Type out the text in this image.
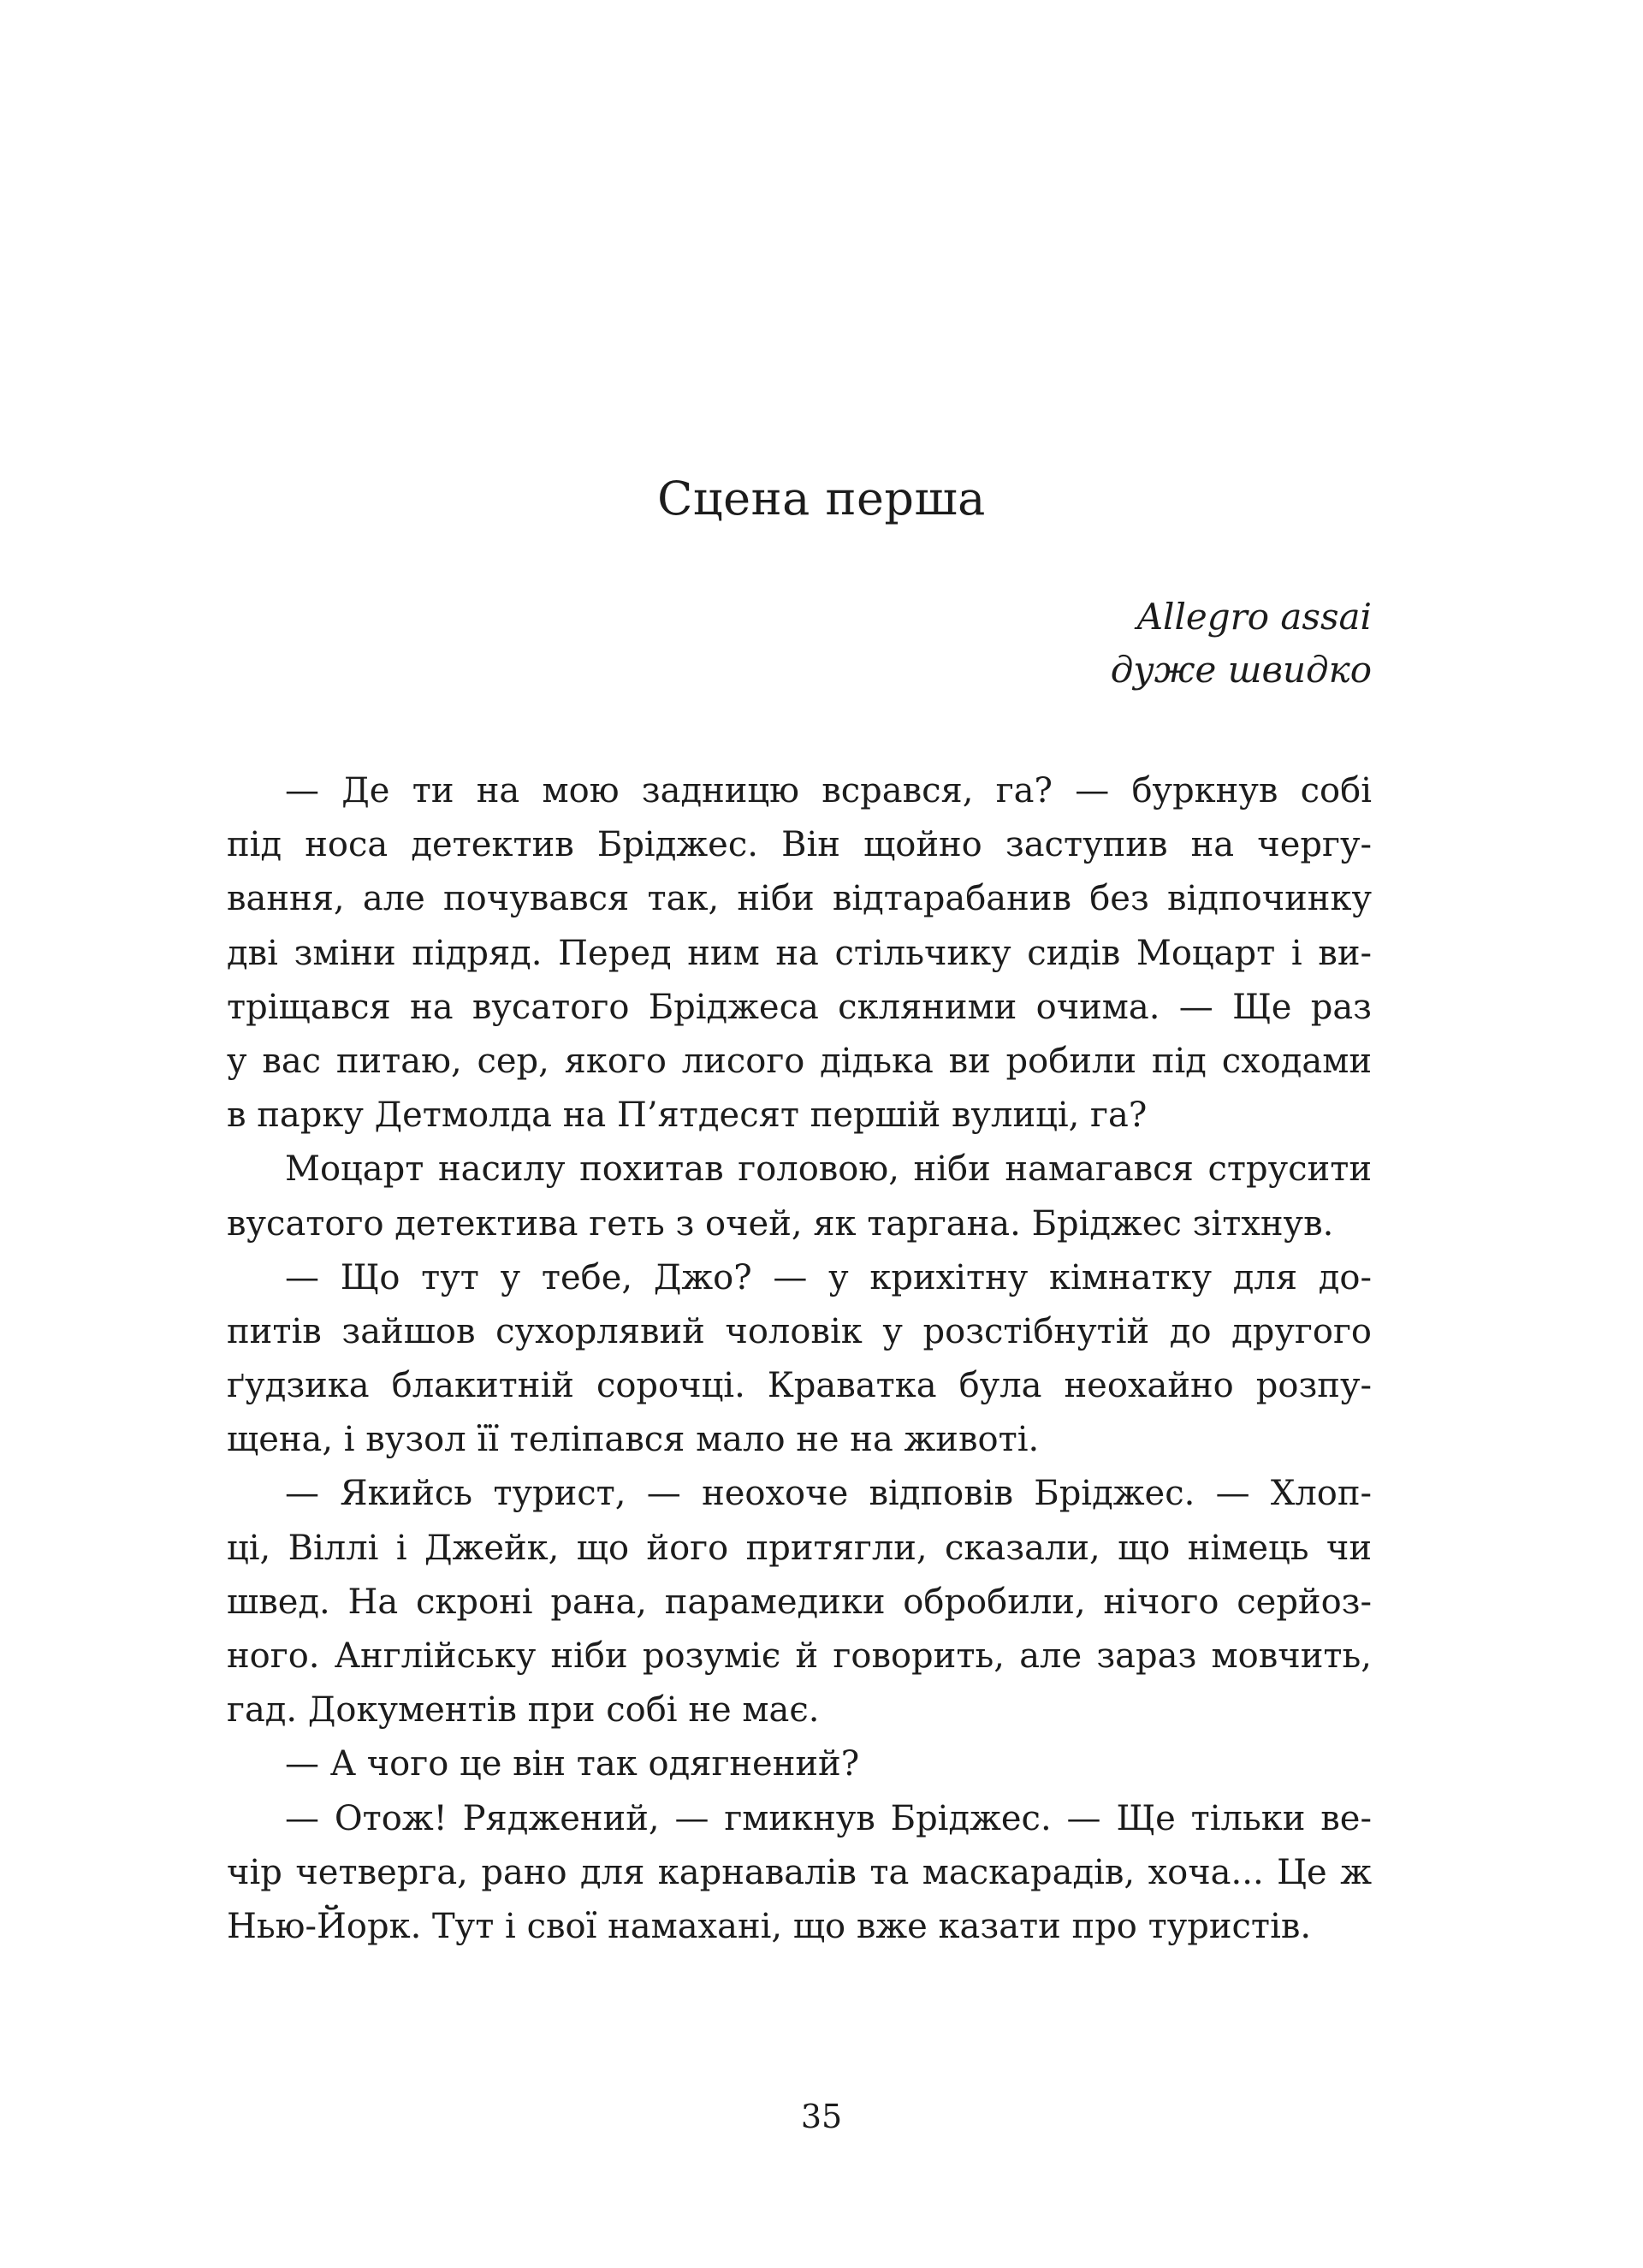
Сцена перша
Allegro assai
дуже швидко
— Де ти на мою задницю всрався, га? — буркнув собі
під носа детектив Бріджес. Він щойно заступив на чергу-
вання, але почувався так, ніби відтарабанив без відпочинку
дві зміни підряд. Перед ним на стільчику сидів Моцарт і ви-
тріщався на вусатого Бріджеса скляними очима. — Ще раз
у вас питаю, сер, якого лисого дідька ви робили під сходами
в парку Детмолда на П’ятдесят першій вулиці, га?
Моцарт насилу похитав головою, ніби намагався струсити
вусатого детектива геть з очей, як таргана. Бріджес зітхнув.
— Що тут у тебе, Джо? — у крихітну кімнатку для до-
питів зайшов сухорлявий чоловік у розстібнутій до другого
ґудзика блакитній сорочці. Краватка була неохайно розпу-
щена, і вузол її теліпався мало не на животі.
— Якийсь турист, — неохоче відповів Бріджес. — Хлоп-
ці, Віллі і Джейк, що його притягли, сказали, що німець чи
швед. На скроні рана, парамедики обробили, нічого серйоз-
ного. Англійську ніби розуміє й говорить, але зараз мовчить,
гад. Документів при собі не має.
— А чого це він так одягнений?
— Отож! Ряджений, — гмикнув Бріджес. — Ще тільки ве-
чір четверга, рано для карнавалів та маскарадів, хоча... Це ж
Нью-Йорк. Тут і свої намахані, що вже казати про туристів.
35
